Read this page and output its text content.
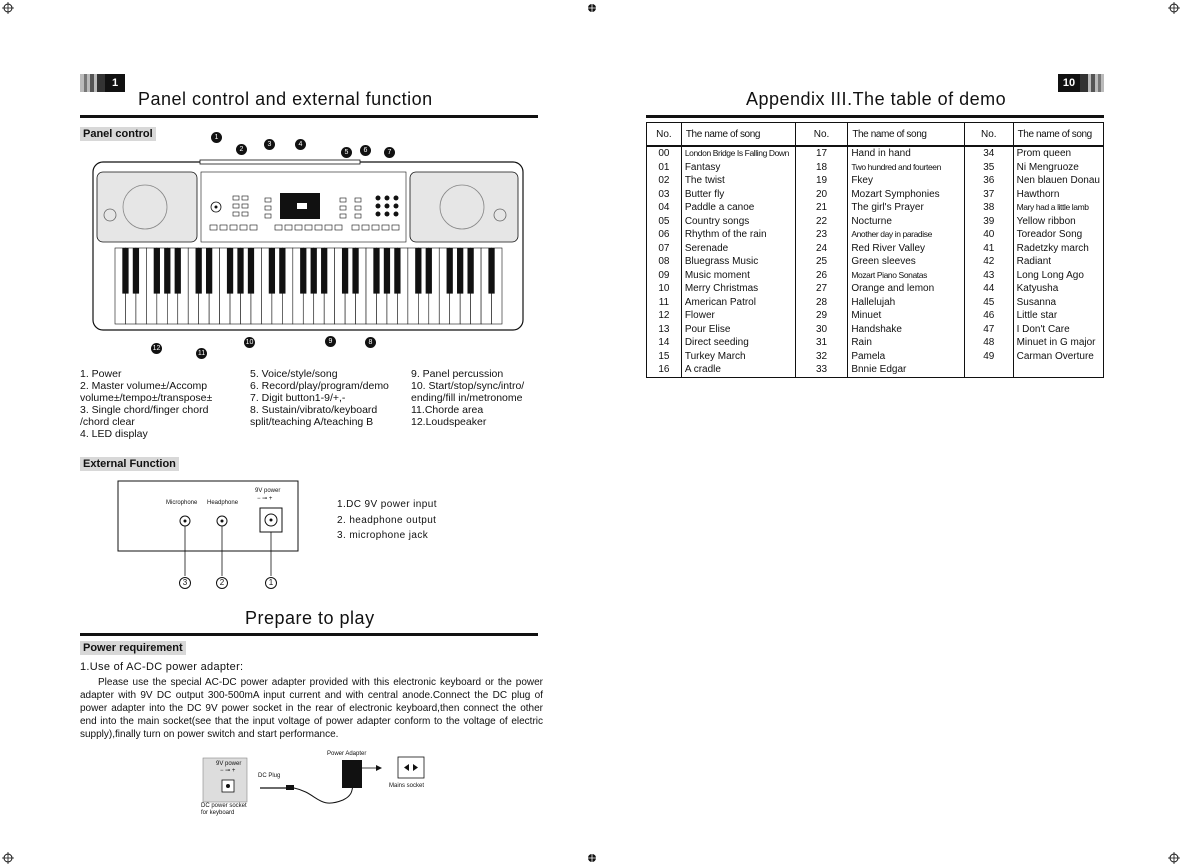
1
Panel control and external function
Panel control	1
2
3	4
5	6	7
12
11
10	9	8
1. Power
2. Master volume±/Accomp
volume±/tempo±/transpose±
3. Single chord/finger chord
/chord clear
4. LED display
5. Voice/style/song
6. Record/play/program/demo
7. Digit button1-9/+,-
8. Sustain/vibrato/keyboard
split/teaching A/teaching B
9. Panel percussion
10. Start/stop/sync/intro/
ending/fill in/metronome
11.Chorde area
12.Loudspeaker
External Function
Microphone Headphone
9V power
− ⊸ +
3	2	1
1.DC 9V power input
2. headphone output
3. microphone jack
Prepare to play
Power requirement
1.Use of AC-DC power adapter:

Please use the special AC-DC power adapter provided with this electronic keyboard or the power adapter with 9V DC output 300-500mA input current and with central anode.Connect the DC plug of power adapter into the DC 9V power socket in the rear of electronic keyboard,then connect the other end into the main socket(see that the input voltage of power adapter conform to the voltage of electric supply),finally turn on power switch and start performance.

9V power
− ⊸ +
DC Plug
Power Adapter
Mains socket
DC power socket
for keyboard
10
Appendix III.The table of demo
No.	The name of song	No.	The name of song	No.	The name of song
00	London Bridge Is Falling Down	17	Hand in hand	34	Prom queen
01	Fantasy	18	Two hundred and fourteen	35	Ni Mengruoze
02	The twist	19	Fkey	36	Nen blauen Donau
03	Butter fly	20	Mozart Symphonies	37	Hawthorn
04	Paddle a canoe	21	The girl's Prayer	38	Mary had a little lamb
05	Country songs	22	Nocturne	39	Yellow ribbon
06	Rhythm of the rain	23	Another day in paradise	40	Toreador Song
07	Serenade	24	Red River Valley	41	Radetzky march
08	Bluegrass Music	25	Green sleeves	42	Radiant
09	Music moment	26	Mozart Piano Sonatas	43	Long Long Ago
10	Merry Christmas	27	Orange and lemon	44	Katyusha
11	American Patrol	28	Hallelujah	45	Susanna
12	Flower	29	Minuet	46	Little star
13	Pour Elise	30	Handshake	47	I Don't Care
14	Direct seeding	31	Rain	48	Minuet in G major
15	Turkey March	32	Pamela	49	Carman Overture
16	A cradle	33	Bnnie Edgar		
